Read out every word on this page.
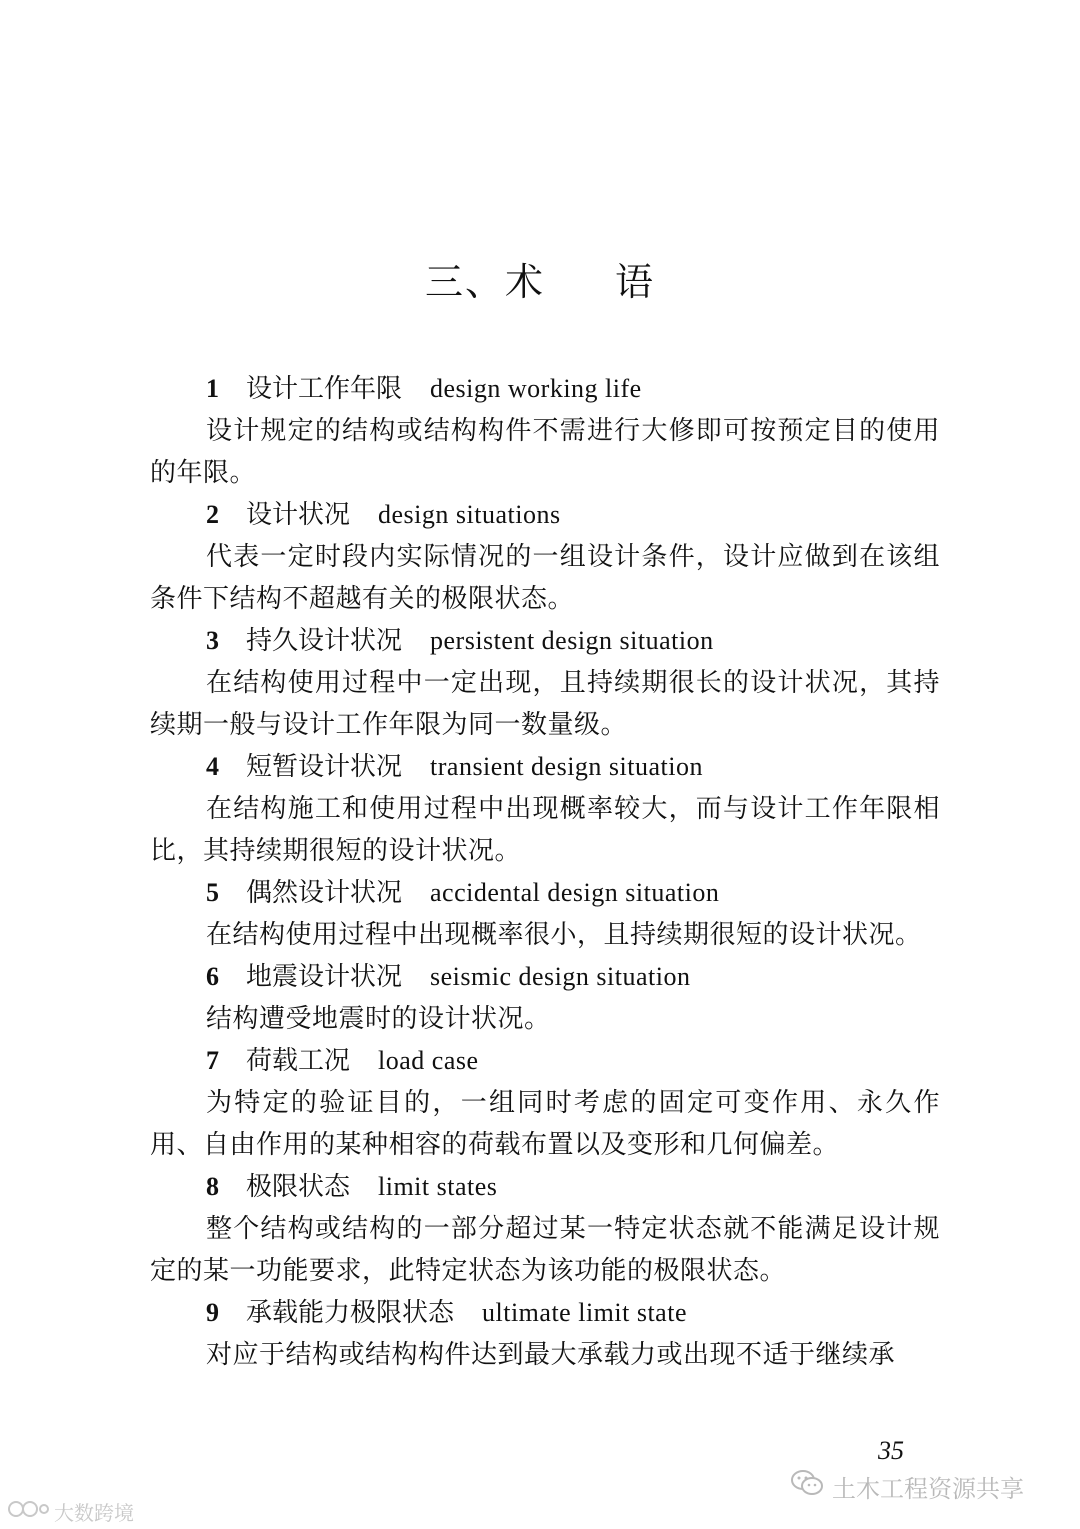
三、术 语
1 设计工作年限 design working life

设计规定的结构或结构构件不需进行大修即可按预定目的使用的年限。

2 设计状况 design situations

代表一定时段内实际情况的一组设计条件，设计应做到在该组条件下结构不超越有关的极限状态。

3 持久设计状况 persistent design situation

在结构使用过程中一定出现，且持续期很长的设计状况，其持续期一般与设计工作年限为同一数量级。

4 短暂设计状况 transient design situation

在结构施工和使用过程中出现概率较大，而与设计工作年限相比，其持续期很短的设计状况。

5 偶然设计状况 accidental design situation

在结构使用过程中出现概率很小，且持续期很短的设计状况。

6 地震设计状况 seismic design situation

结构遭受地震时的设计状况。

7 荷载工况 load case

为特定的验证目的，一组同时考虑的固定可变作用、永久作用、自由作用的某种相容的荷载布置以及变形和几何偏差。

8 极限状态 limit states

整个结构或结构的一部分超过某一特定状态就不能满足设计规定的某一功能要求，此特定状态为该功能的极限状态。

9 承载能力极限状态 ultimate limit state

对应于结构或结构构件达到最大承载力或出现不适于继续承

35
土木工程资源共享
大数跨境
